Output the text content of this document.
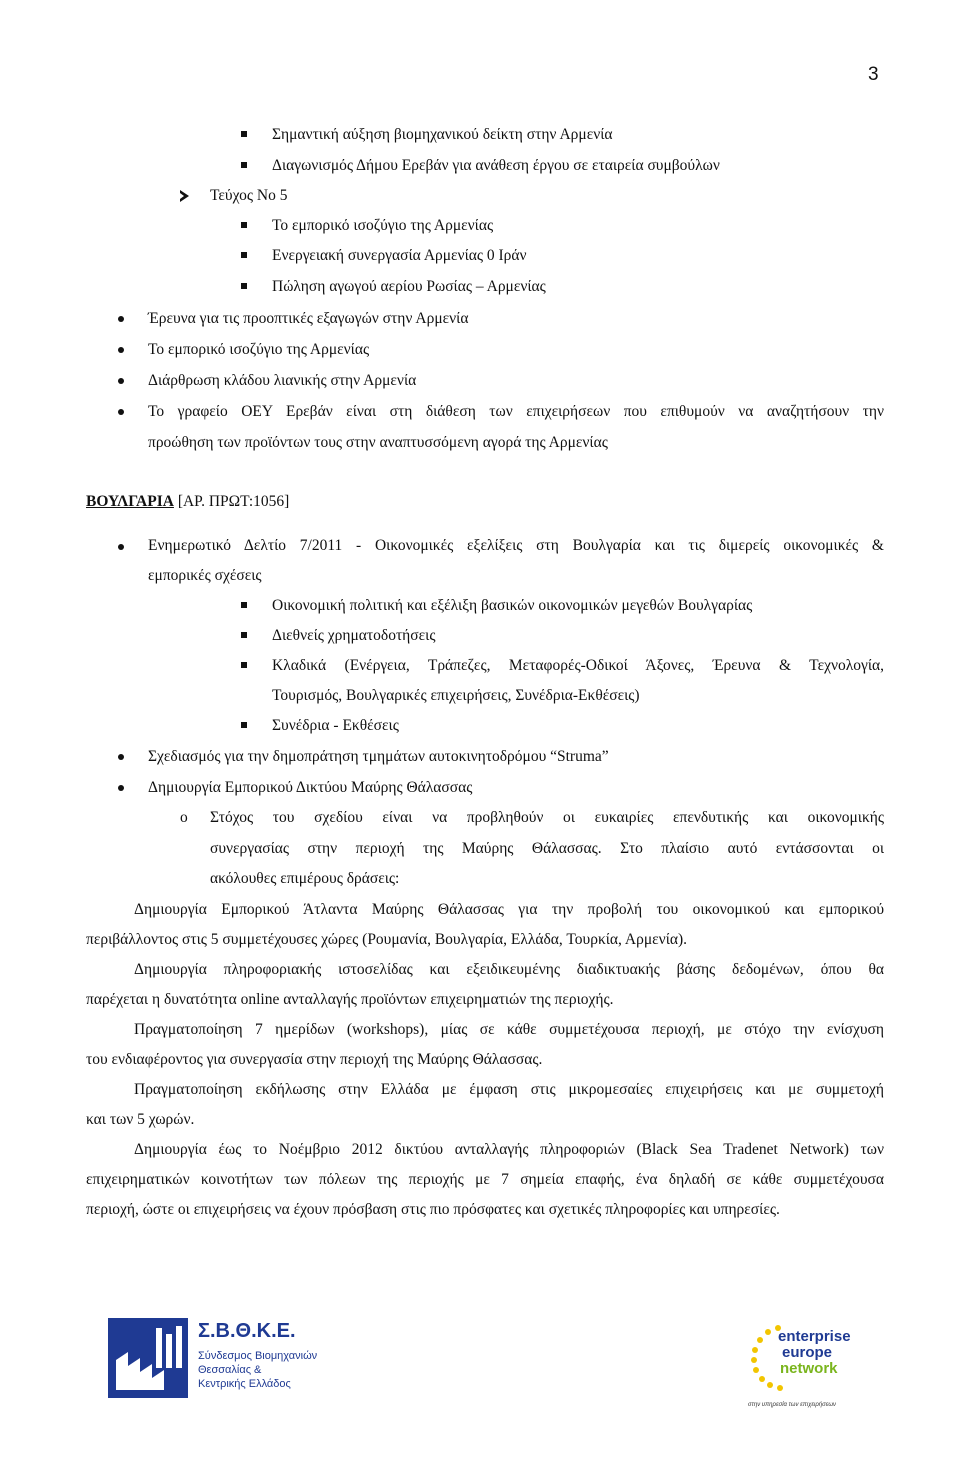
3
Σημαντική αύξηση βιομηχανικού δείκτη στην Αρμενία
Διαγωνισμός Δήμου Ερεβάν για ανάθεση έργου σε εταιρεία συμβούλων
Τεύχος Νο 5
Το εμπορικό ισοζύγιο της Αρμενίας
Ενεργειακή συνεργασία Αρμενίας 0 Ιράν
Πώληση αγωγού αερίου Ρωσίας – Αρμενίας
Έρευνα για τις προοπτικές εξαγωγών στην Αρμενία
Το εμπορικό ισοζύγιο της Αρμενίας
Διάρθρωση κλάδου λιανικής στην Αρμενία
Το γραφείο ΟΕΥ Ερεβάν είναι στη διάθεση των επιχειρήσεων που επιθυμούν να αναζητήσουν την
προώθηση των προϊόντων τους στην αναπτυσσόμενη αγορά της Αρμενίας
ΒΟΥΛΓΑΡΙΑ [ΑΡ. ΠΡΩΤ:1056]
Ενημερωτικό Δελτίο 7/2011 - Οικονομικές εξελίξεις στη Βουλγαρία και τις διμερείς οικονομικές &
εμπορικές σχέσεις
Οικονομική πολιτική και εξέλιξη βασικών οικονομικών μεγεθών Βουλγαρίας
Διεθνείς χρηματοδοτήσεις
Κλαδικά (Ενέργεια, Τράπεζες, Μεταφορές-Οδικοί Άξονες, Έρευνα & Τεχνολογία,
Τουρισμός, Βουλγαρικές επιχειρήσεις, Συνέδρια-Εκθέσεις)
Συνέδρια - Εκθέσεις
Σχεδιασμός για την δημοπράτηση τμημάτων αυτοκινητοδρόμου “Struma”
Δημιουργία Εμπορικού Δικτύου Μαύρης Θάλασσας
o Στόχος του σχεδίου είναι να προβληθούν οι ευκαιρίες επενδυτικής και οικονομικής
συνεργασίας στην περιοχή της Μαύρης Θάλασσας. Στο πλαίσιο αυτό εντάσσονται οι
ακόλουθες επιμέρους δράσεις:
Δημιουργία Εμπορικού Άτλαντα Μαύρης Θάλασσας για την προβολή του οικονομικού και εμπορικού
περιβάλλοντος στις 5 συμμετέχουσες χώρες (Ρουμανία, Βουλγαρία, Ελλάδα, Τουρκία, Αρμενία).
Δημιουργία πληροφοριακής ιστοσελίδας και εξειδικευμένης διαδικτυακής βάσης δεδομένων, όπου θα
παρέχεται η δυνατότητα online ανταλλαγής προϊόντων επιχειρηματιών της περιοχής.
Πραγματοποίηση 7 ημερίδων (workshops), μίας σε κάθε συμμετέχουσα περιοχή, με στόχο την ενίσχυση
του ενδιαφέροντος για συνεργασία στην περιοχή της Μαύρης Θάλασσας.
Πραγματοποίηση εκδήλωσης στην Ελλάδα με έμφαση στις μικρομεσαίες επιχειρήσεις και με συμμετοχή
και των 5 χωρών.
Δημιουργία έως το Νοέμβριο 2012 δικτύου ανταλλαγής πληροφοριών (Black Sea Tradenet Network) των
επιχειρηματικών κοινοτήτων των πόλεων της περιοχής με 7 σημεία επαφής, ένα δηλαδή σε κάθε συμμετέχουσα
περιοχή, ώστε οι επιχειρήσεις να έχουν πρόσβαση στις πιο πρόσφατες και σχετικές πληροφορίες και υπηρεσίες.
Σ.Β.Θ.Κ.Ε.
Σύνδεσμος Βιομηχανιών
Θεσσαλίας &
Κεντρικής Ελλάδος
enterprise
europe
network
στην υπηρεσία των επιχειρήσεων
